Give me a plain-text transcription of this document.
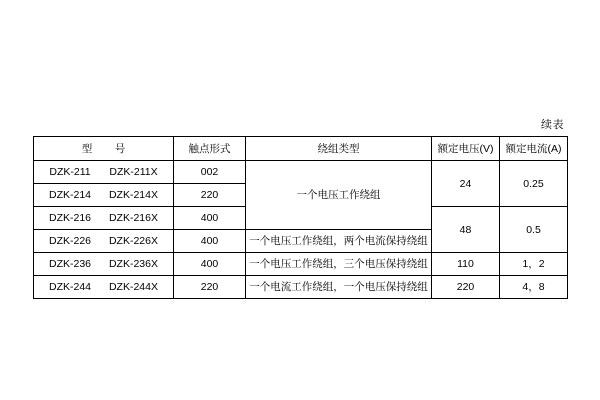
续表
型　号	触点形式	绕组类型	额定电压(V)	额定电流(A)

DZK-211 DZK-211X	002	一个电压工作绕组	24	0.25

DZK-214 DZK-214X	220			

DZK-216 DZK-216X	400		48	0.5

DZK-226 DZK-226X	400	一个电压工作绕组，两个电流保持绕组		

DZK-236 DZK-236X	400	一个电压工作绕组，三个电压保持绕组	110	1，2

DZK-244 DZK-244X	220	一个电流工作绕组，一个电压保持绕组	220	4，8
